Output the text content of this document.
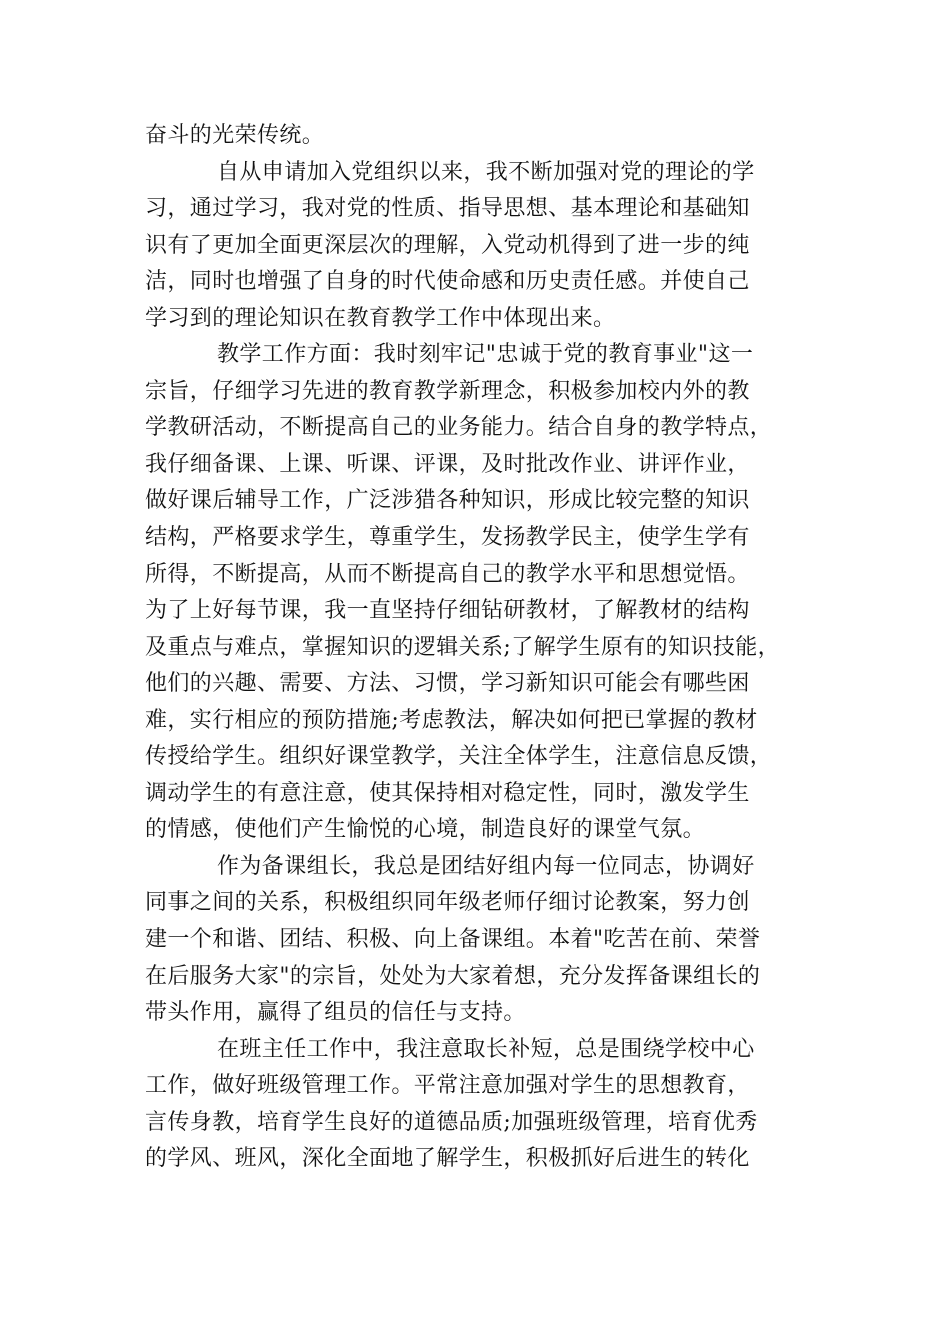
奋斗的光荣传统。
自从申请加入党组织以来，我不断加强对党的理论的学
习，通过学习，我对党的性质、指导思想、基本理论和基础知
识有了更加全面更深层次的理解，入党动机得到了进一步的纯
洁，同时也增强了自身的时代使命感和历史责任感。并使自己
学习到的理论知识在教育教学工作中体现出来。
教学工作方面：我时刻牢记"忠诚于党的教育事业"这一
宗旨，仔细学习先进的教育教学新理念，积极参加校内外的教
学教研活动，不断提高自己的业务能力。结合自身的教学特点，
我仔细备课、上课、听课、评课，及时批改作业、讲评作业，
做好课后辅导工作，广泛涉猎各种知识，形成比较完整的知识
结构，严格要求学生，尊重学生，发扬教学民主，使学生学有
所得，不断提高，从而不断提高自己的教学水平和思想觉悟。
为了上好每节课，我一直坚持仔细钻研教材，了解教材的结构
及重点与难点，掌握知识的逻辑关系;了解学生原有的知识技能，
他们的兴趣、需要、方法、习惯，学习新知识可能会有哪些困
难，实行相应的预防措施;考虑教法，解决如何把已掌握的教材
传授给学生。组织好课堂教学，关注全体学生，注意信息反馈，
调动学生的有意注意，使其保持相对稳定性，同时，激发学生
的情感，使他们产生愉悦的心境，制造良好的课堂气氛。
作为备课组长，我总是团结好组内每一位同志，协调好
同事之间的关系，积极组织同年级老师仔细讨论教案，努力创
建一个和谐、团结、积极、向上备课组。本着"吃苦在前、荣誉
在后服务大家"的宗旨，处处为大家着想，充分发挥备课组长的
带头作用，赢得了组员的信任与支持。
在班主任工作中，我注意取长补短，总是围绕学校中心
工作，做好班级管理工作。平常注意加强对学生的思想教育，
言传身教，培育学生良好的道德品质;加强班级管理，培育优秀
的学风、班风，深化全面地了解学生，积极抓好后进生的转化
